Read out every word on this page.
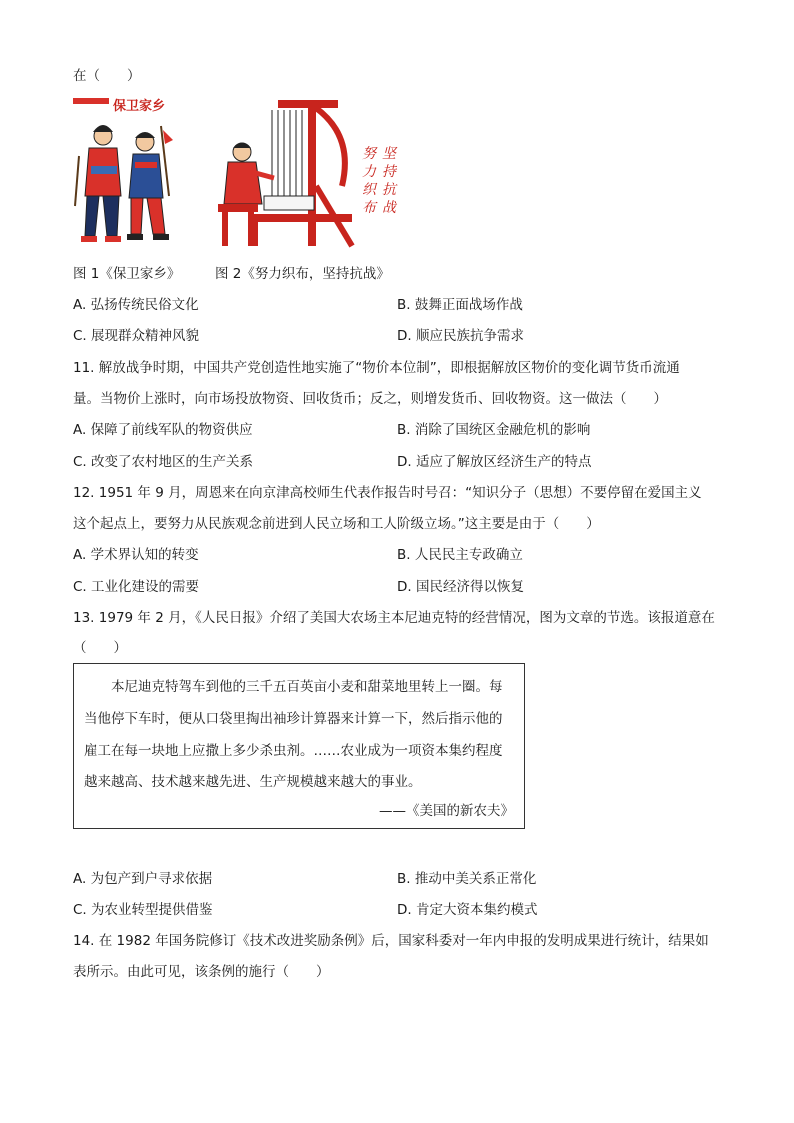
在（　　）
保卫家乡
努力织布 坚持抗战
图 1《保卫家乡》	图 2《努力织布，坚持抗战》
A. 弘扬传统民俗文化	B. 鼓舞正面战场作战
C. 展现群众精神风貌	D. 顺应民族抗争需求
11. 解放战争时期，中国共产党创造性地实施了“物价本位制”，即根据解放区物价的变化调节货币流通
量。当物价上涨时，向市场投放物资、回收货币；反之，则增发货币、回收物资。这一做法（　　）
A. 保障了前线军队的物资供应	B. 消除了国统区金融危机的影响
C. 改变了农村地区的生产关系	D. 适应了解放区经济生产的特点
12. 1951 年 9 月，周恩来在向京津高校师生代表作报告时号召：“知识分子（思想）不要停留在爱国主义
这个起点上，要努力从民族观念前进到人民立场和工人阶级立场。”这主要是由于（　　）
A. 学术界认知的转变	B. 人民民主专政确立
C. 工业化建设的需要	D. 国民经济得以恢复
13. 1979 年 2 月，《人民日报》介绍了美国大农场主本尼迪克特的经营情况，图为文章的节选。该报道意在
（　　）
　　本尼迪克特驾车到他的三千五百英亩小麦和甜菜地里转上一圈。每
当他停下车时，便从口袋里掏出袖珍计算器来计算一下，然后指示他的
雇工在每一块地上应撒上多少杀虫剂。……农业成为一项资本集约程度
越来越高、技术越来越先进、生产规模越来越大的事业。
——《美国的新农夫》
A. 为包产到户寻求依据	B. 推动中美关系正常化
C. 为农业转型提供借鉴	D. 肯定大资本集约模式
14. 在 1982 年国务院修订《技术改进奖励条例》后，国家科委对一年内申报的发明成果进行统计，结果如
表所示。由此可见，该条例的施行（　　）
